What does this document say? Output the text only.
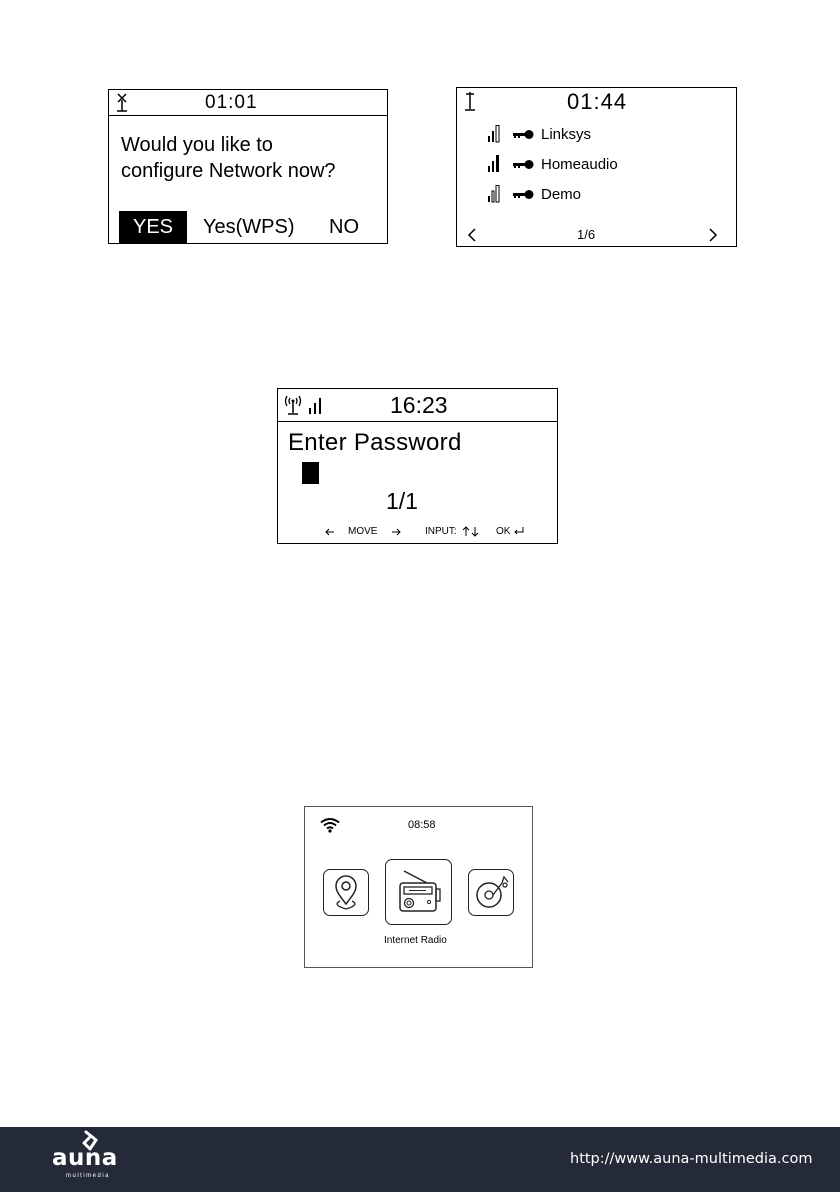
01:01
Would you like to
configure Network now?
YES	Yes(WPS) NO
01:44
Linksys
Homeaudio
Demo
1/6
16:23
Enter Password
1/1
MOVE	INPUT:	OK
08:58
Internet Radio
auna
multimedia
http://www.auna-multimedia.com
